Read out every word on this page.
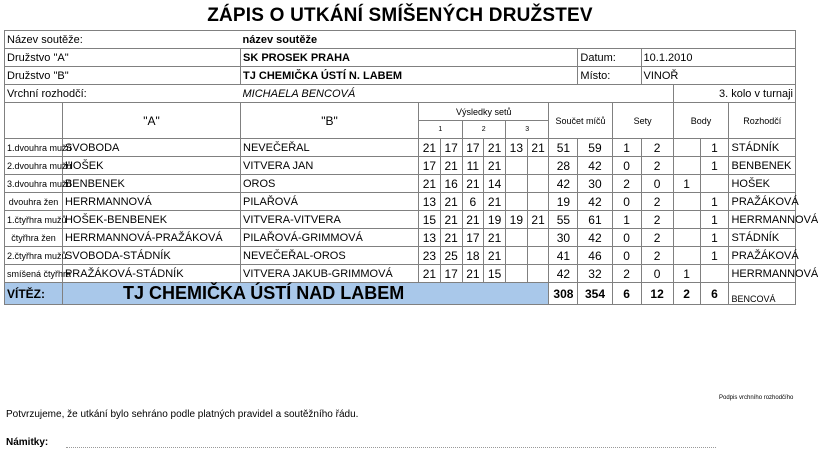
ZÁPIS O UTKÁNÍ SMÍŠENÝCH DRUŽSTEV
Název soutěže:		název soutěže													
Družstvo "A"		SK PROSEK PRAHA								Datum:		10.1.2010			
Družstvo "B"		TJ CHEMIČKA ÚSTÍ N. LABEM								Místo:		VINOŘ			
Vrchní rozhodčí:		MICHAELA BENCOVÁ											3. kolo v turnaji		
	"A"	"B"	Výsledky setů						Součet míčů		Sety		Body		Rozhodčí
			1		2		3								
1.dvouhra mužů	SVOBODA	NEVEČEŘAL	21	17	17	21	13	21	51	59	1	2		1	STÁDNÍK
2.dvouhra mužů	HOŠEK	VITVERA JAN	17	21	11	21			28	42	0	2		1	BENBENEK
3.dvouhra mužů	BENBENEK	OROS	21	16	21	14			42	30	2	0	1		HOŠEK
dvouhra žen	HERRMANNOVÁ	PILAŘOVÁ	13	21	6	21			19	42	0	2		1	PRAŽÁKOVÁ
1.čtyřhra mužů	HOŠEK-BENBENEK	VITVERA-VITVERA	15	21	21	19	19	21	55	61	1	2		1	HERRMANNOVÁ
čtyřhra žen	HERRMANNOVÁ-PRAŽÁKOVÁ	PILAŘOVÁ-GRIMMOVÁ	13	21	17	21			30	42	0	2		1	STÁDNÍK
2.čtyřhra mužů	SVOBODA-STÁDNÍK	NEVEČEŘAL-OROS	23	25	18	21			41	46	0	2		1	PRAŽÁKOVÁ
smíšená čtyřhra	PRAŽÁKOVÁ-STÁDNÍK	VITVERA JAKUB-GRIMMOVÁ	21	17	21	15			42	32	2	0	1		HERRMANNOVÁ
VÍTĚZ:	TJ CHEMIČKA ÚSTÍ NAD LABEM								308	354	6	12	2	6	BENCOVÁ
Podpis vrchního rozhodčího
Potvrzujeme, že utkání bylo sehráno podle platných pravidel a soutěžního řádu.
Námitky:
